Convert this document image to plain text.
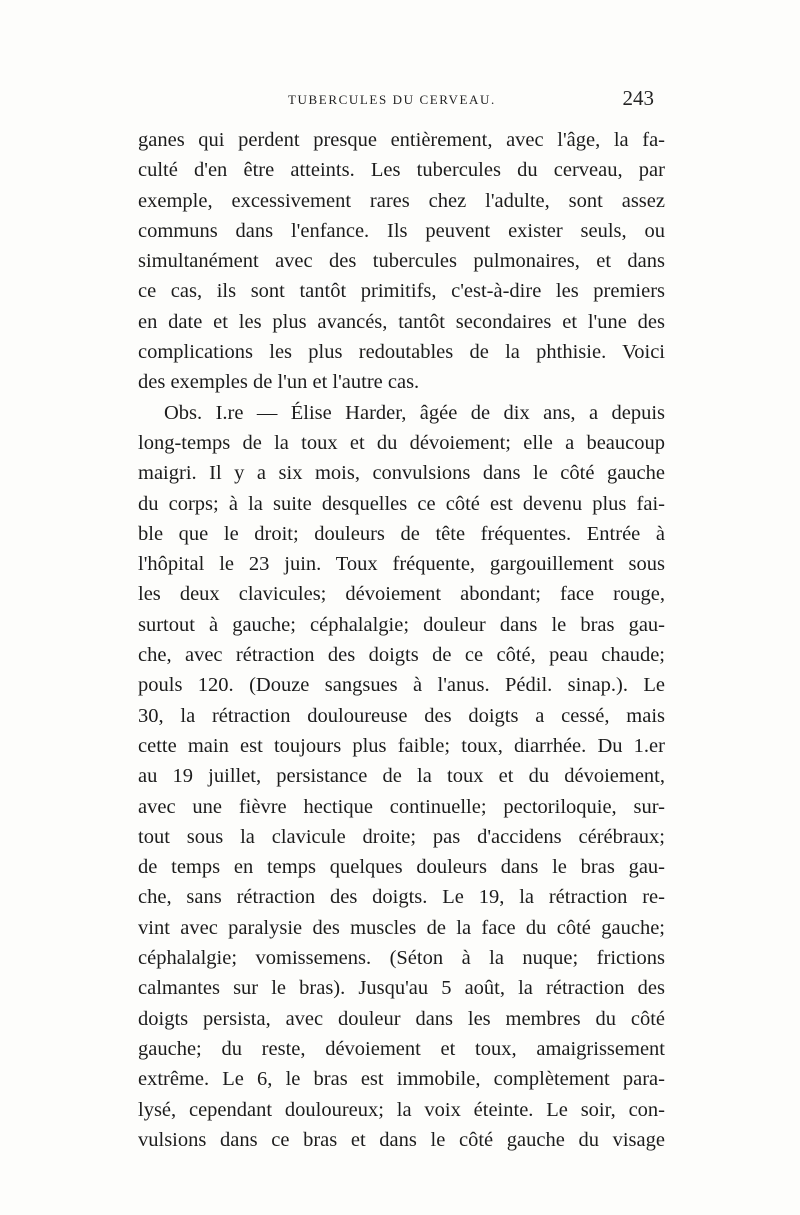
TUBERCULES DU CERVEAU.	243
ganes qui perdent presque entièrement, avec l'âge, la fa-
culté d'en être atteints. Les tubercules du cerveau, par
exemple, excessivement rares chez l'adulte, sont assez
communs dans l'enfance. Ils peuvent exister seuls, ou
simultanément avec des tubercules pulmonaires, et dans
ce cas, ils sont tantôt primitifs, c'est-à-dire les premiers
en date et les plus avancés, tantôt secondaires et l'une des
complications les plus redoutables de la phthisie. Voici
des exemples de l'un et l'autre cas.
Obs. I.re — Élise Harder, âgée de dix ans, a depuis
long-temps de la toux et du dévoiement; elle a beaucoup
maigri. Il y a six mois, convulsions dans le côté gauche
du corps; à la suite desquelles ce côté est devenu plus fai-
ble que le droit; douleurs de tête fréquentes. Entrée à
l'hôpital le 23 juin. Toux fréquente, gargouillement sous
les deux clavicules; dévoiement abondant; face rouge,
surtout à gauche; céphalalgie; douleur dans le bras gau-
che, avec rétraction des doigts de ce côté, peau chaude;
pouls 120. (Douze sangsues à l'anus. Pédil. sinap.). Le
30, la rétraction douloureuse des doigts a cessé, mais
cette main est toujours plus faible; toux, diarrhée. Du 1.er
au 19 juillet, persistance de la toux et du dévoiement,
avec une fièvre hectique continuelle; pectoriloquie, sur-
tout sous la clavicule droite; pas d'accidens cérébraux;
de temps en temps quelques douleurs dans le bras gau-
che, sans rétraction des doigts. Le 19, la rétraction re-
vint avec paralysie des muscles de la face du côté gauche;
céphalalgie; vomissemens. (Séton à la nuque; frictions
calmantes sur le bras). Jusqu'au 5 août, la rétraction des
doigts persista, avec douleur dans les membres du côté
gauche; du reste, dévoiement et toux, amaigrissement
extrême. Le 6, le bras est immobile, complètement para-
lysé, cependant douloureux; la voix éteinte. Le soir, con-
vulsions dans ce bras et dans le côté gauche du visage
